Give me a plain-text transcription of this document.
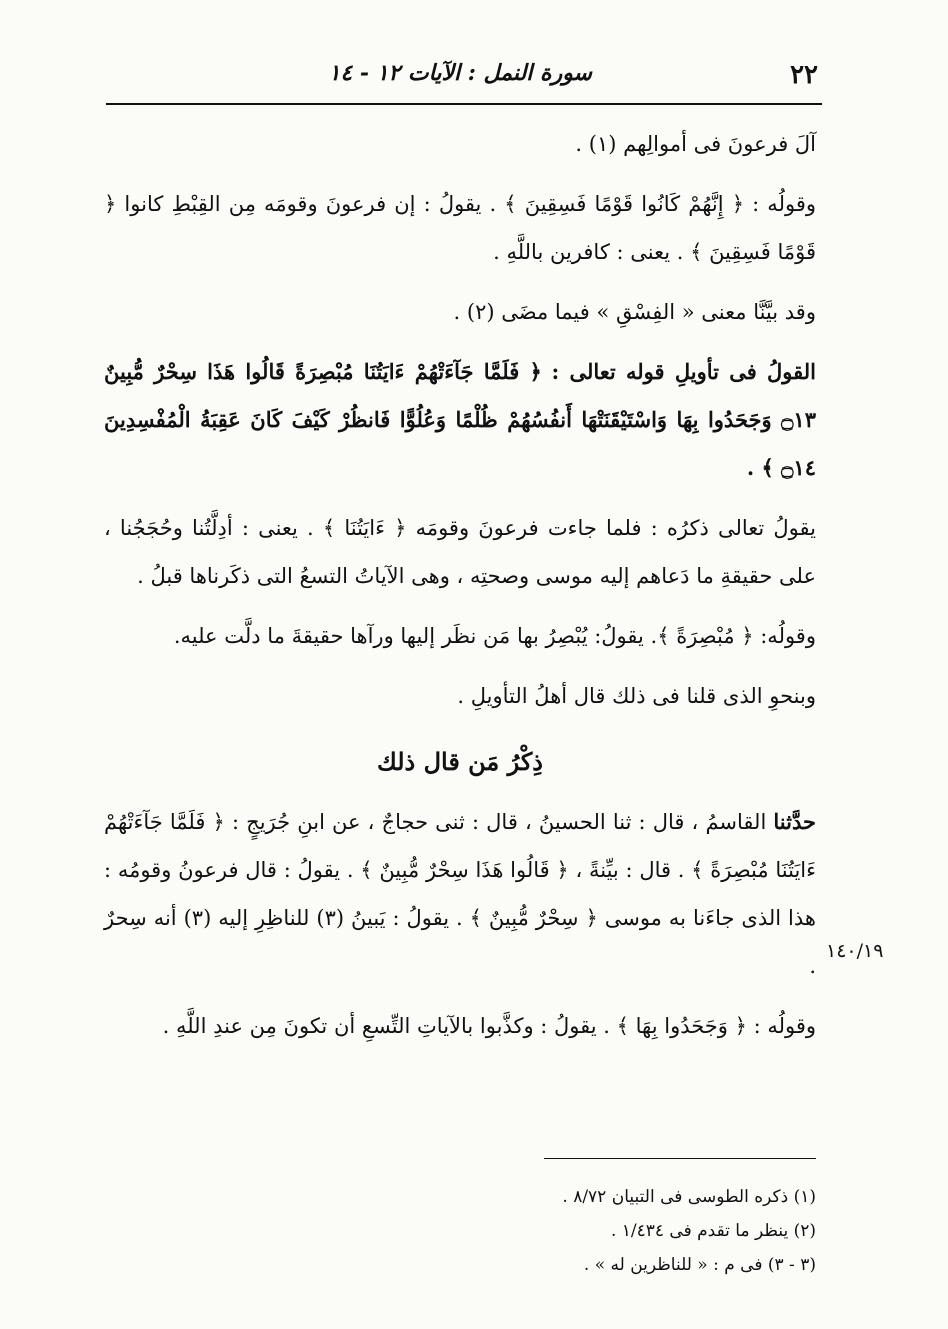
٢٢
سورة النمل : الآيات ١٢ - ١٤

آلَ فرعونَ فى أموالِهم (١) .

وقولُه : ﴿ إِنَّهُمْ كَانُوا قَوْمًا فَسِقِينَ ﴾ . يقولُ : إن فرعونَ وقومَه مِن القِبْطِ كانوا ﴿ قَوْمًا فَسِقِينَ ﴾ . يعنى : كافرين باللَّهِ .

وقد بيَّنَّا معنى « الفِسْقِ » فيما مضَى (٢) .

القولُ فى تأويلِ قوله تعالى : ﴿ فَلَمَّا جَآءَتْهُمْ ءَايَتُنَا مُبْصِرَةً قَالُوا هَذَا سِحْرٌ مُّبِينٌ ۝١٣ وَجَحَدُوا بِهَا وَاسْتَيْقَنَتْهَا أَنفُسُهُمْ ظُلْمًا وَعُلُوًّا فَانظُرْ كَيْفَ كَانَ عَقِبَةُ الْمُفْسِدِينَ ۝١٤ ﴾ .

يقولُ تعالى ذكرُه : فلما جاءت فرعونَ وقومَه ﴿ ءَايَتُنَا ﴾ . يعنى : أدِلَّتُنا وحُجَجُنا ، على حقيقةِ ما دَعاهم إليه موسى وصحتِه ، وهى الآياتُ التسعُ التى ذكَرناها قبلُ .

وقولُه: ﴿ مُبْصِرَةً ﴾. يقولُ: يُبْصِرُ بها مَن نظَر إليها ورآها حقيقةَ ما دلَّت عليه.

وبنحوِ الذى قلنا فى ذلك قال أهلُ التأويلِ .

ذِكْرُ مَن قال ذلك

حدَّثنا القاسمُ ، قال : ثنا الحسينُ ، قال : ثنى حجاجٌ ، عن ابنِ جُرَيجٍ : ﴿ فَلَمَّا جَآءَتْهُمْ ءَايَتُنَا مُبْصِرَةً ﴾ . قال : بيِّنةً ، ﴿ قَالُوا هَذَا سِحْرٌ مُّبِينٌ ﴾ . يقولُ : قال فرعونُ وقومُه : هذا الذى جاءَنا به موسى ﴿ سِحْرٌ مُّبِينٌ ﴾ . يقولُ : يَبينُ (٣) للناظِرِ إليه (٣) أنه سِحرٌ .

وقولُه : ﴿ وَجَحَدُوا بِهَا ﴾ . يقولُ : وكذَّبوا بالآياتِ التِّسعِ أن تكونَ مِن عندِ اللَّهِ .

١٤٠/١٩

(١) ذكره الطوسى فى التبيان ٨/٧٢ .

(٢) ينظر ما تقدم فى ١/٤٣٤ .

(٣ - ٣) فى م : « للناظرين له » .
